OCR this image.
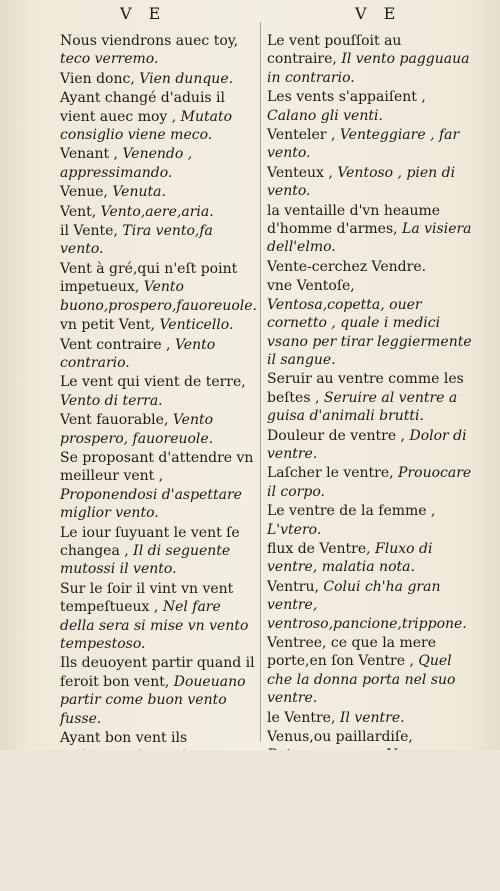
V E	V E
Nous viendrons auec toy, teco verremo.
Vien donc, Vien dunque.
Ayant changé d'aduis il vient auec moy , Mutato consiglio viene meco.
Venant , Venendo , appressimando.
Venue, Venuta.
Vent, Vento,aere,aria.
il Vente, Tira vento,fa vento.
Vent à gré,qui n'eſt point impetueux, Vento buono,prospero,fauoreuole.
vn petit Vent, Venticello.
Vent contraire , Vento contrario.
Le vent qui vient de terre, Vento di terra.
Vent fauorable, Vento prospero, fauoreuole.
Se proposant d'attendre vn meilleur vent , Proponendosi d'aspettare miglior vento.
Le iour ſuyuant le vent ſe changea , Il di seguente mutossi il vento.
Sur le ſoir il vint vn vent tempeſtueux , Nel fare della sera si mise vn vento tempestoso.
Ils deuoyent partir quand il feroit bon vent, Doueuano partir come buon vento fusse.
Ayant bon vent ils
Le vent pouſſoit au contraire, Il vento pagguaua in contrario.
Les vents s'appaiſent , Calano gli venti.
Venteler , Venteggiare , far vento.
Venteux , Ventoso , pien di vento.
la ventaille d'vn heaume d'homme d'armes, La visiera dell'elmo.
Vente-cerchez Vendre.
vne Ventoſe, Ventosa,copetta, ouer cornetto , quale i medici vsano per tirar leggiermente il sangue.
Seruir au ventre comme les beſtes , Seruire al ventre a guisa d'animali brutti.
Douleur de ventre , Dolor di ventre.
Laſcher le ventre, Prouocare il corpo.
Le ventre de la femme , L'vtero.
flux de Ventre, Fluxo di ventre, malatia nota.
Ventru, Colui ch'ha gran ventre, ventroso,pancione,trippone.
Ventree, ce que la mere porte,en ſon Ventre , Quel che la donna porta nel suo ventre.
le Ventre, Il ventre.
Venus,ou paillardiſe,
